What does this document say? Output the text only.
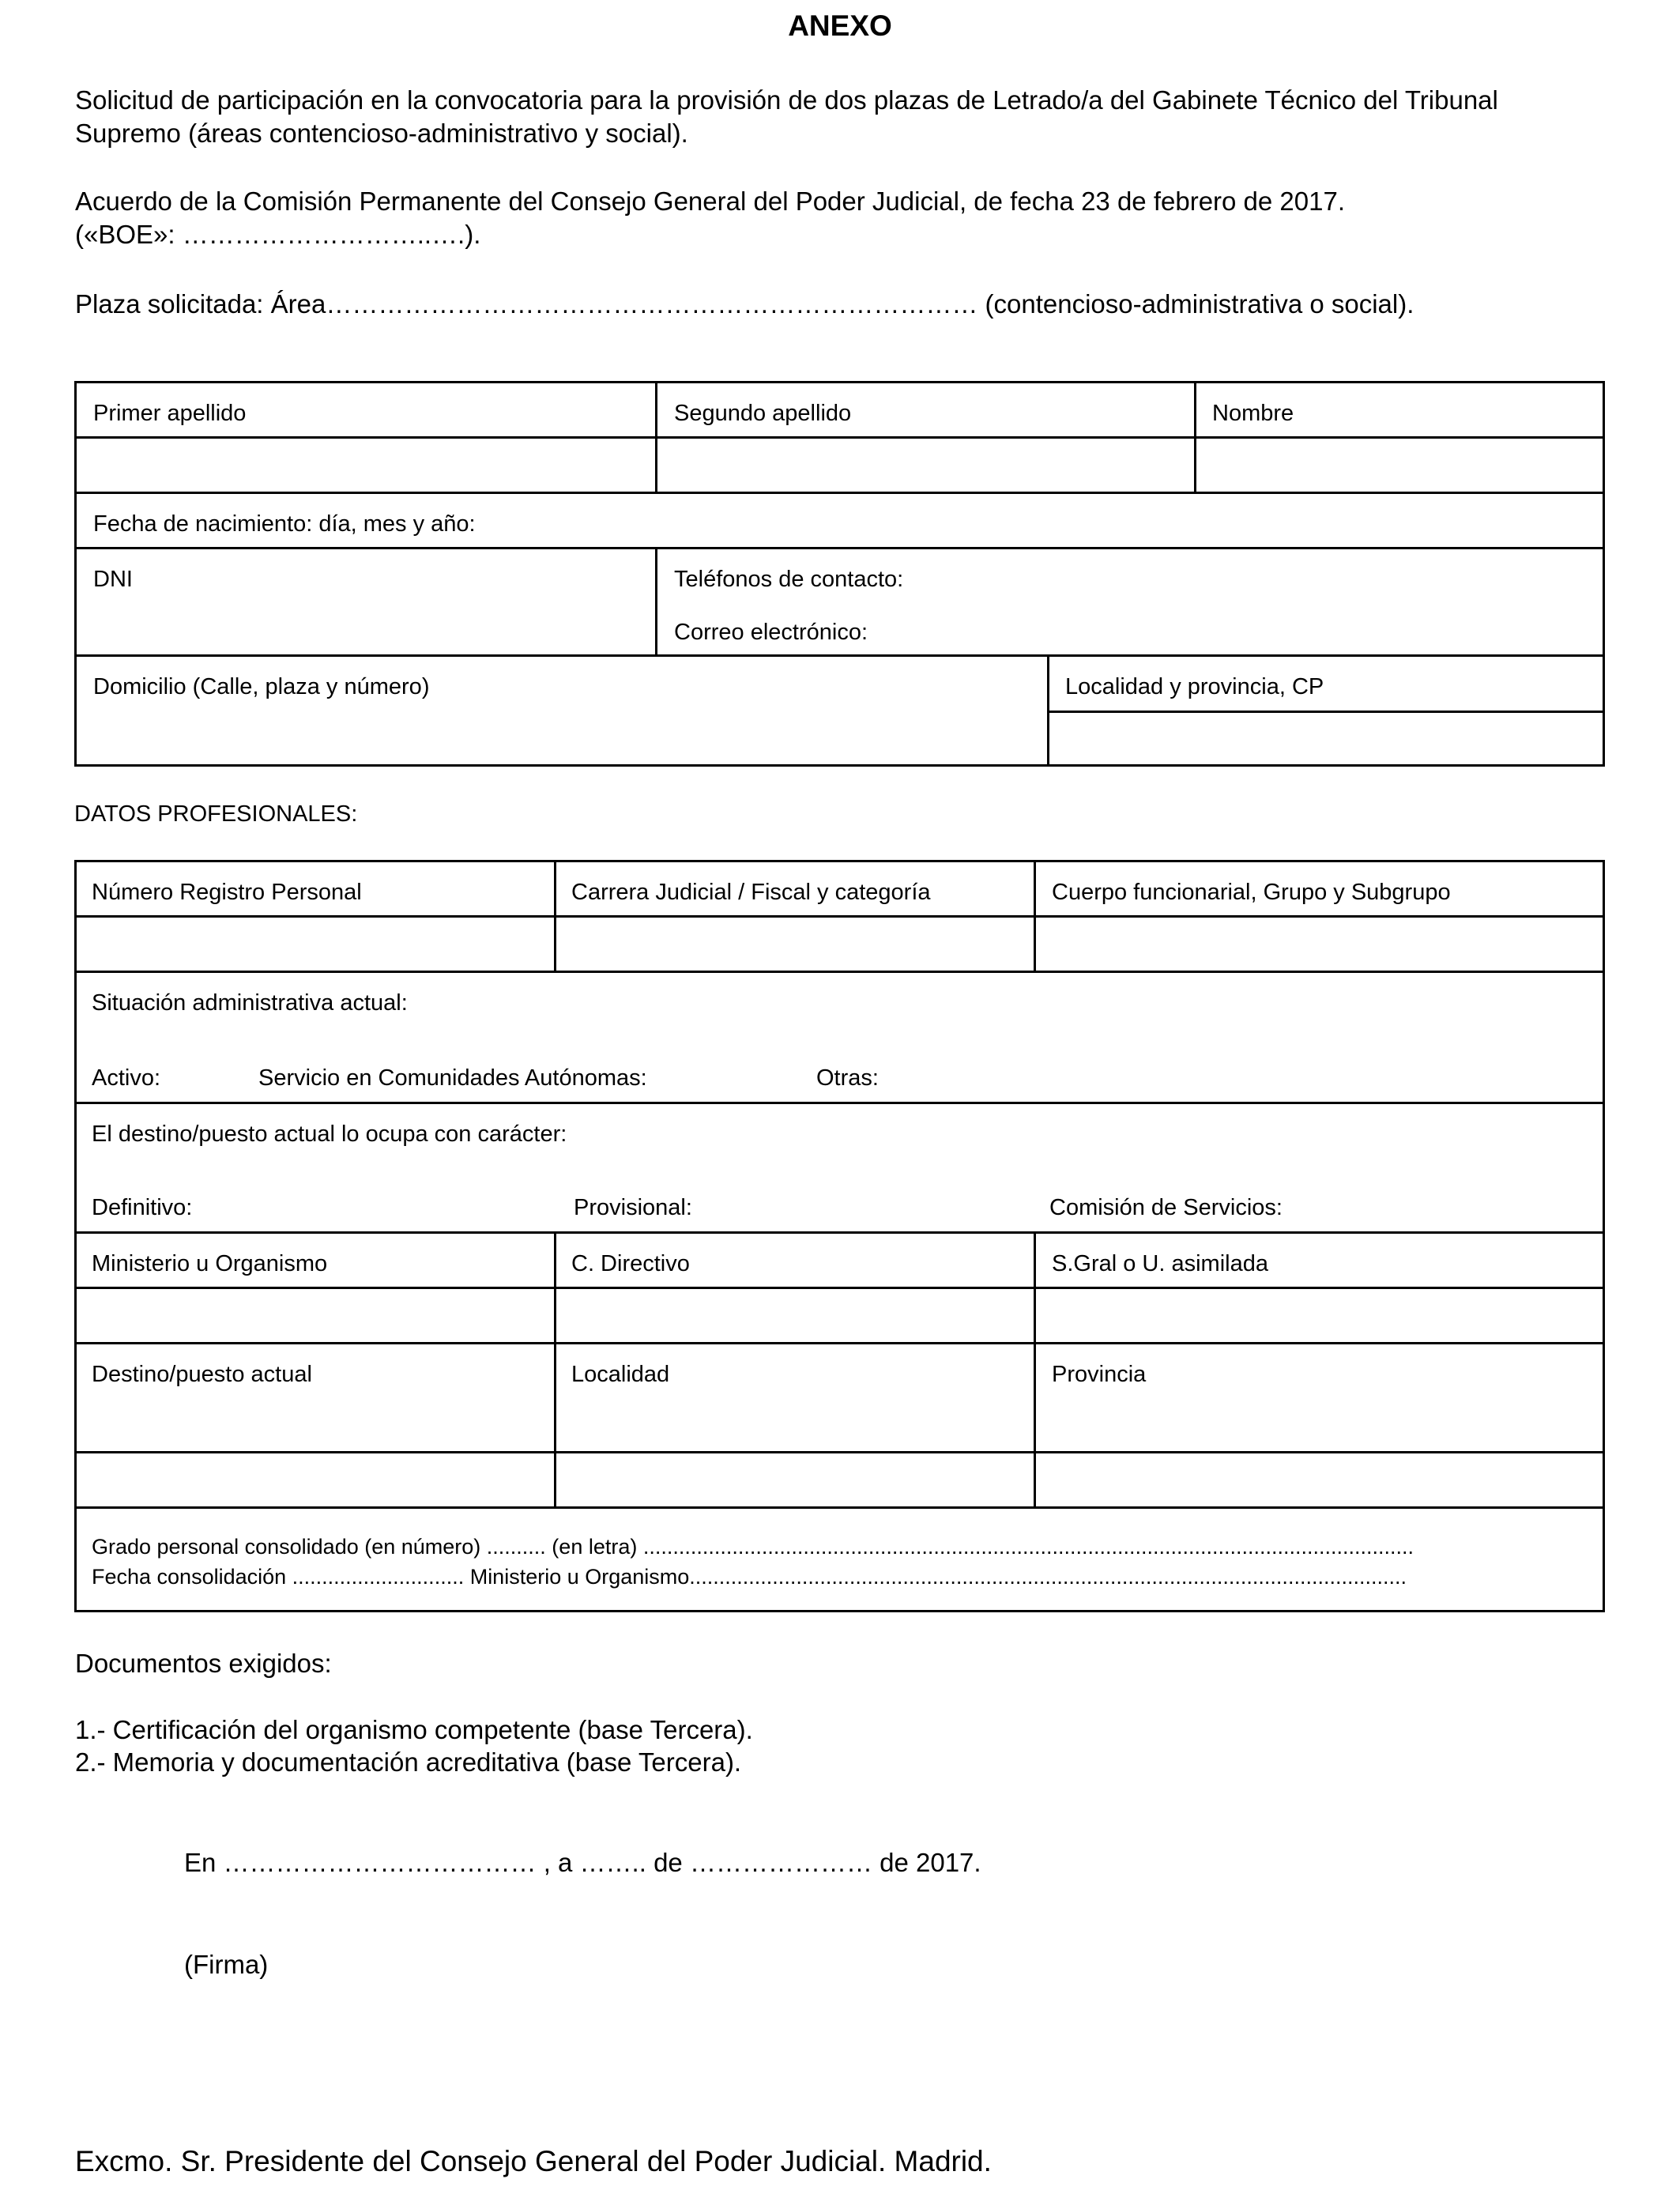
ANEXO
Solicitud de participación en la convocatoria para la provisión de dos plazas de Letrado/a del Gabinete Técnico del Tribunal
Supremo (áreas contencioso-administrativo y social).
Acuerdo de la Comisión Permanente del Consejo General del Poder Judicial, de fecha 23 de febrero de 2017.
(«BOE»: ………………………..….).
Plaza solicitada: Área………………………………………………………………… (contencioso-administrativa o social).
Primer apellido	Segundo apellido	Nombre
Fecha de nacimiento: día, mes y año:
DNI	Teléfonos de contacto:
Correo electrónico:
Domicilio (Calle, plaza y número)	Localidad y provincia, CP
DATOS PROFESIONALES:
Número Registro Personal	Carrera Judicial / Fiscal y categoría	Cuerpo funcionarial, Grupo y Subgrupo
Situación administrativa actual:
Activo:	Servicio en Comunidades Autónomas:	Otras:
El destino/puesto actual lo ocupa con carácter:
Definitivo:	Provisional:	Comisión de Servicios:
Ministerio u Organismo	C. Directivo	S.Gral o U. asimilada
Destino/puesto actual	Localidad	Provincia
Grado personal consolidado (en número) .......... (en letra) ..................................................................................................................................
Fecha consolidación ............................. Ministerio u Organismo.........................................................................................................................
Documentos exigidos:
1.- Certificación del organismo competente (base Tercera).
2.- Memoria y documentación acreditativa (base Tercera).
En ……………………………… , a …….. de ………………… de 2017.
(Firma)
Excmo. Sr. Presidente del Consejo General del Poder Judicial. Madrid.
